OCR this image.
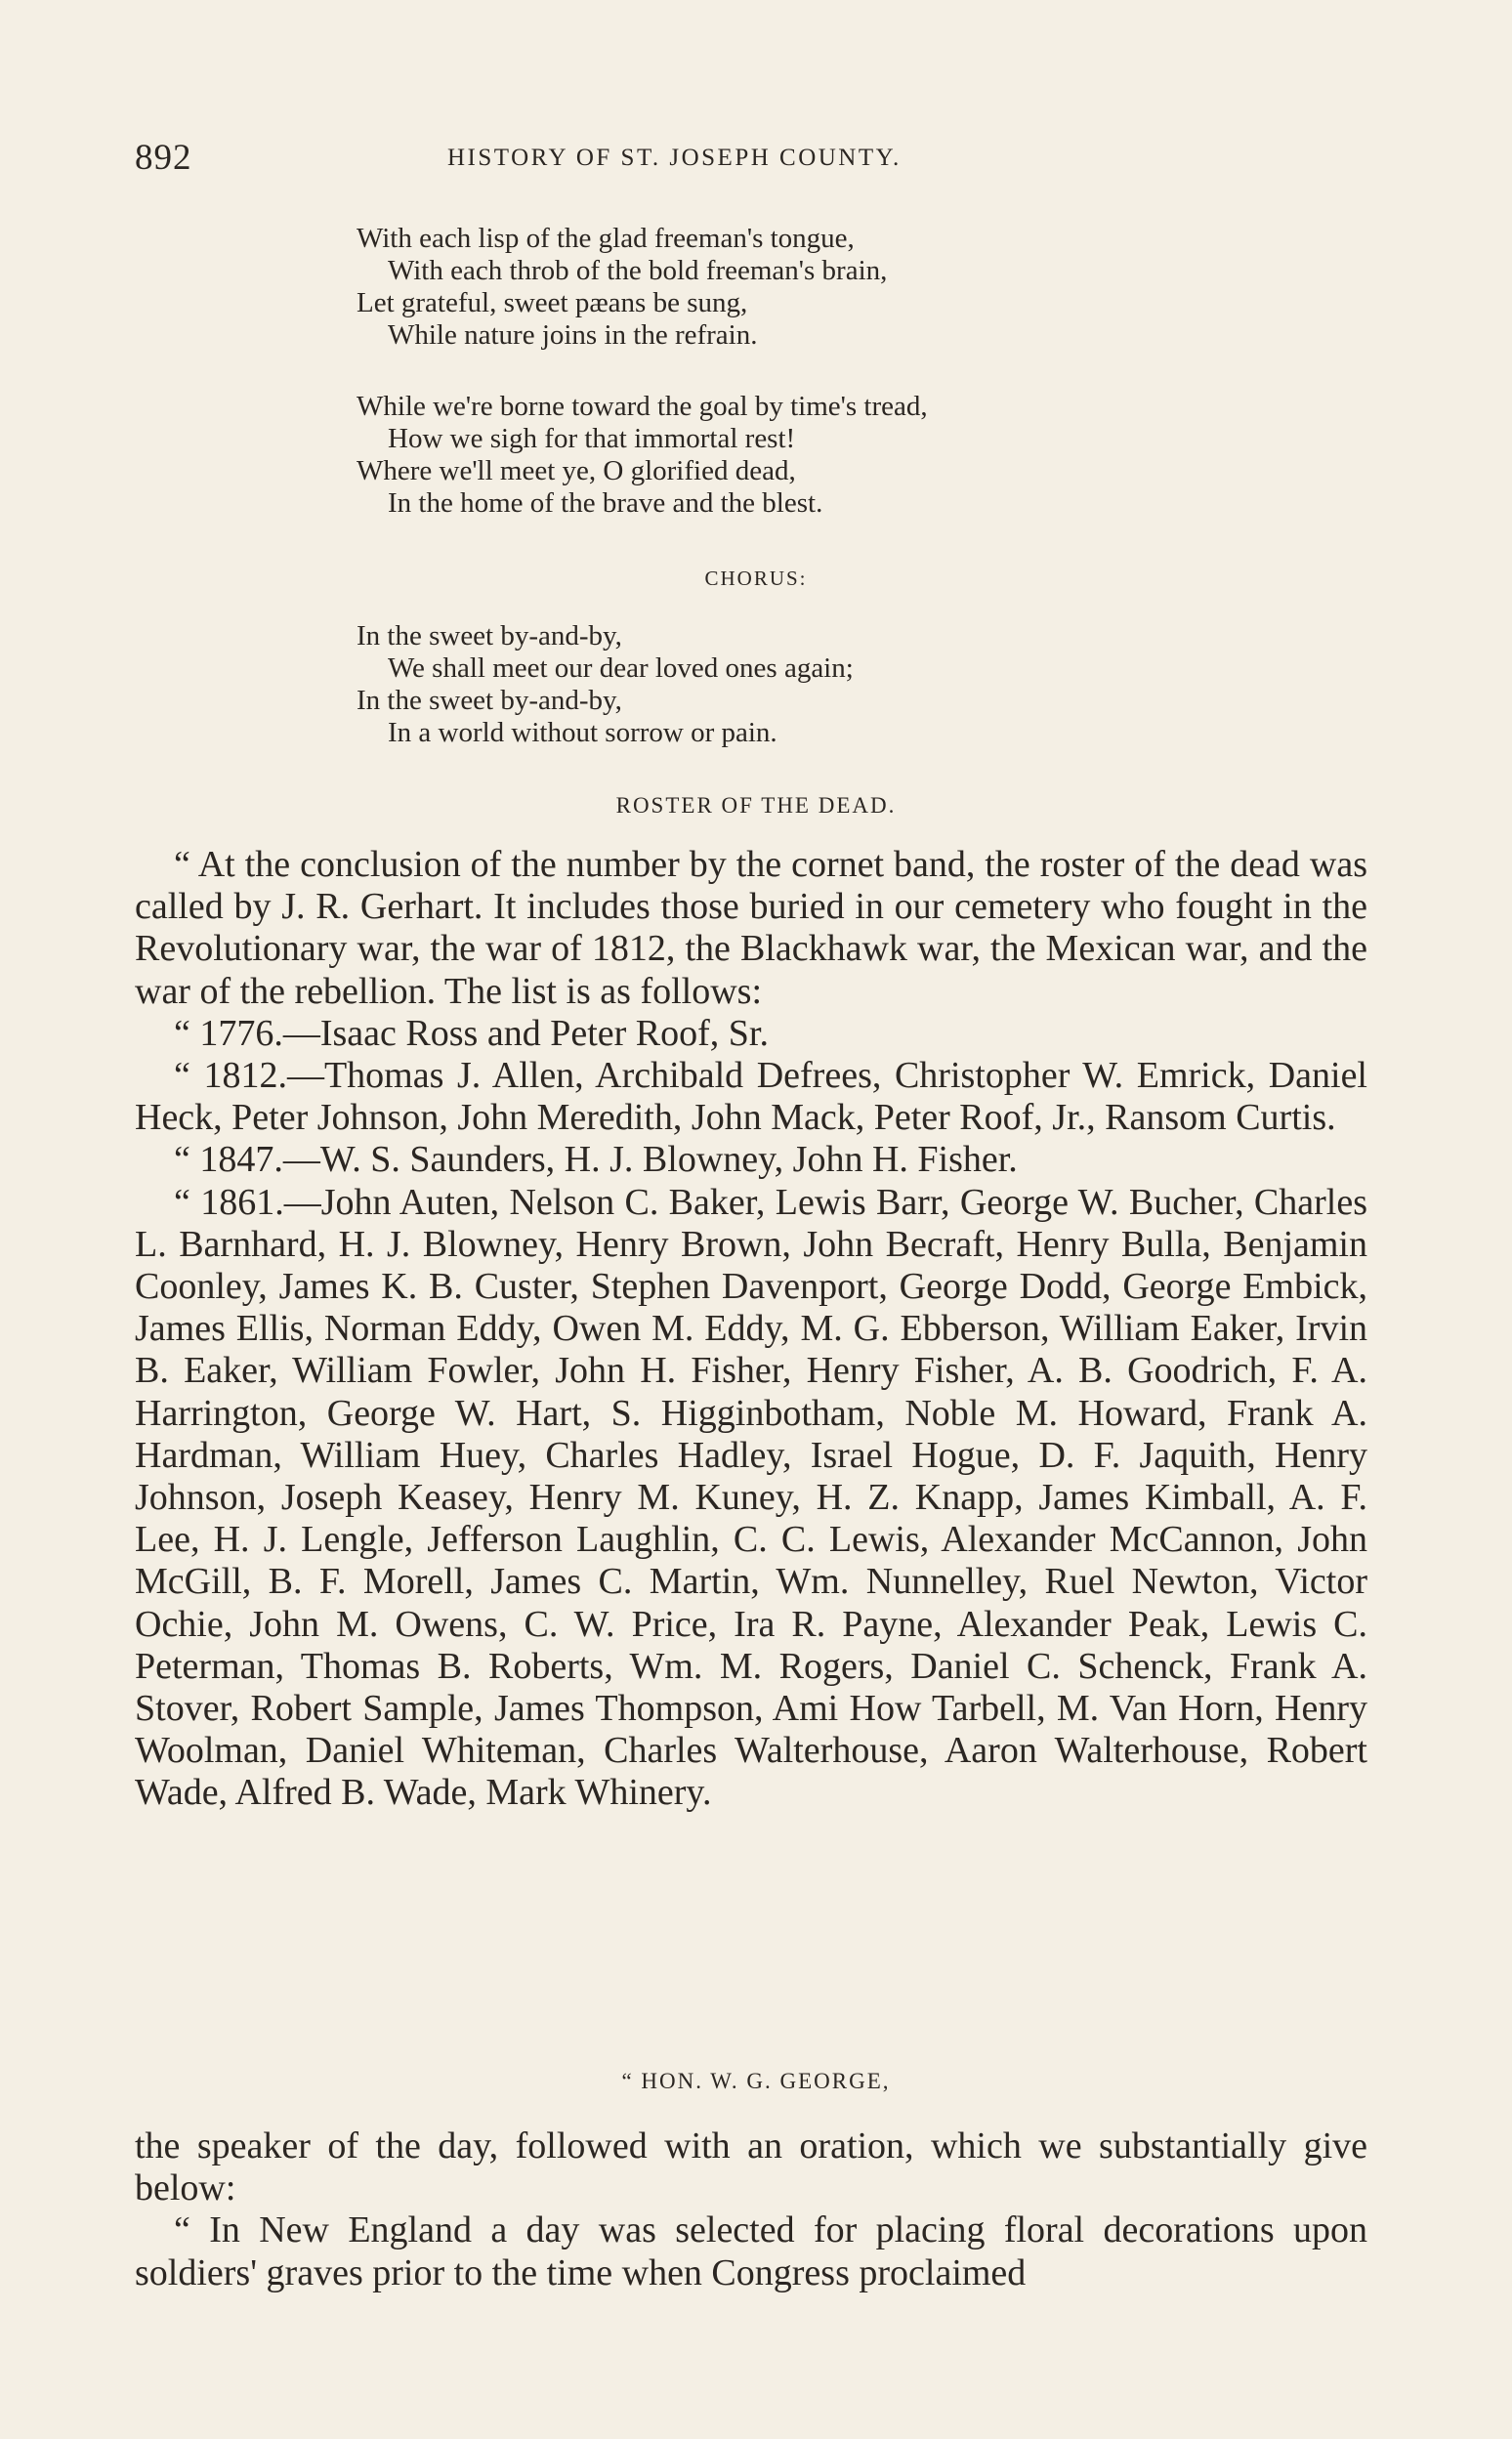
892	HISTORY OF ST. JOSEPH COUNTY.
With each lisp of the glad freeman's tongue,
With each throb of the bold freeman's brain,
Let grateful, sweet pæans be sung,
While nature joins in the refrain.
While we're borne toward the goal by time's tread,
How we sigh for that immortal rest!
Where we'll meet ye, O glorified dead,
In the home of the brave and the blest.
CHORUS:
In the sweet by-and-by,
We shall meet our dear loved ones again;
In the sweet by-and-by,
In a world without sorrow or pain.
ROSTER OF THE DEAD.

“ At the conclusion of the number by the cornet band, the roster of the dead was called by J. R. Gerhart. It includes those buried in our cemetery who fought in the Revolutionary war, the war of 1812, the Blackhawk war, the Mexican war, and the war of the rebellion. The list is as follows:

“ 1776.—Isaac Ross and Peter Roof, Sr.

“ 1812.—Thomas J. Allen, Archibald Defrees, Christopher W. Emrick, Daniel Heck, Peter Johnson, John Meredith, John Mack, Peter Roof, Jr., Ransom Curtis.

“ 1847.—W. S. Saunders, H. J. Blowney, John H. Fisher.

“ 1861.—John Auten, Nelson C. Baker, Lewis Barr, George W. Bucher, Charles L. Barnhard, H. J. Blowney, Henry Brown, John Becraft, Henry Bulla, Benjamin Coonley, James K. B. Custer, Stephen Davenport, George Dodd, George Embick, James Ellis, Norman Eddy, Owen M. Eddy, M. G. Ebberson, William Eaker, Irvin B. Eaker, William Fowler, John H. Fisher, Henry Fisher, A. B. Goodrich, F. A. Harrington, George W. Hart, S. Higginbotham, Noble M. Howard, Frank A. Hardman, William Huey, Charles Hadley, Israel Hogue, D. F. Jaquith, Henry Johnson, Joseph Keasey, Henry M. Kuney, H. Z. Knapp, James Kimball, A. F. Lee, H. J. Lengle, Jefferson Laughlin, C. C. Lewis, Alexander McCannon, John McGill, B. F. Morell, James C. Martin, Wm. Nunnelley, Ruel Newton, Victor Ochie, John M. Owens, C. W. Price, Ira R. Payne, Alexander Peak, Lewis C. Peterman, Thomas B. Roberts, Wm. M. Rogers, Daniel C. Schenck, Frank A. Stover, Robert Sample, James Thompson, Ami How Tarbell, M. Van Horn, Henry Woolman, Daniel Whiteman, Charles Walterhouse, Aaron Walterhouse, Robert Wade, Alfred B. Wade, Mark Whinery.

“ HON. W. G. GEORGE,

the speaker of the day, followed with an oration, which we substantially give below:

“ In New England a day was selected for placing floral decorations upon soldiers' graves prior to the time when Congress proclaimed
